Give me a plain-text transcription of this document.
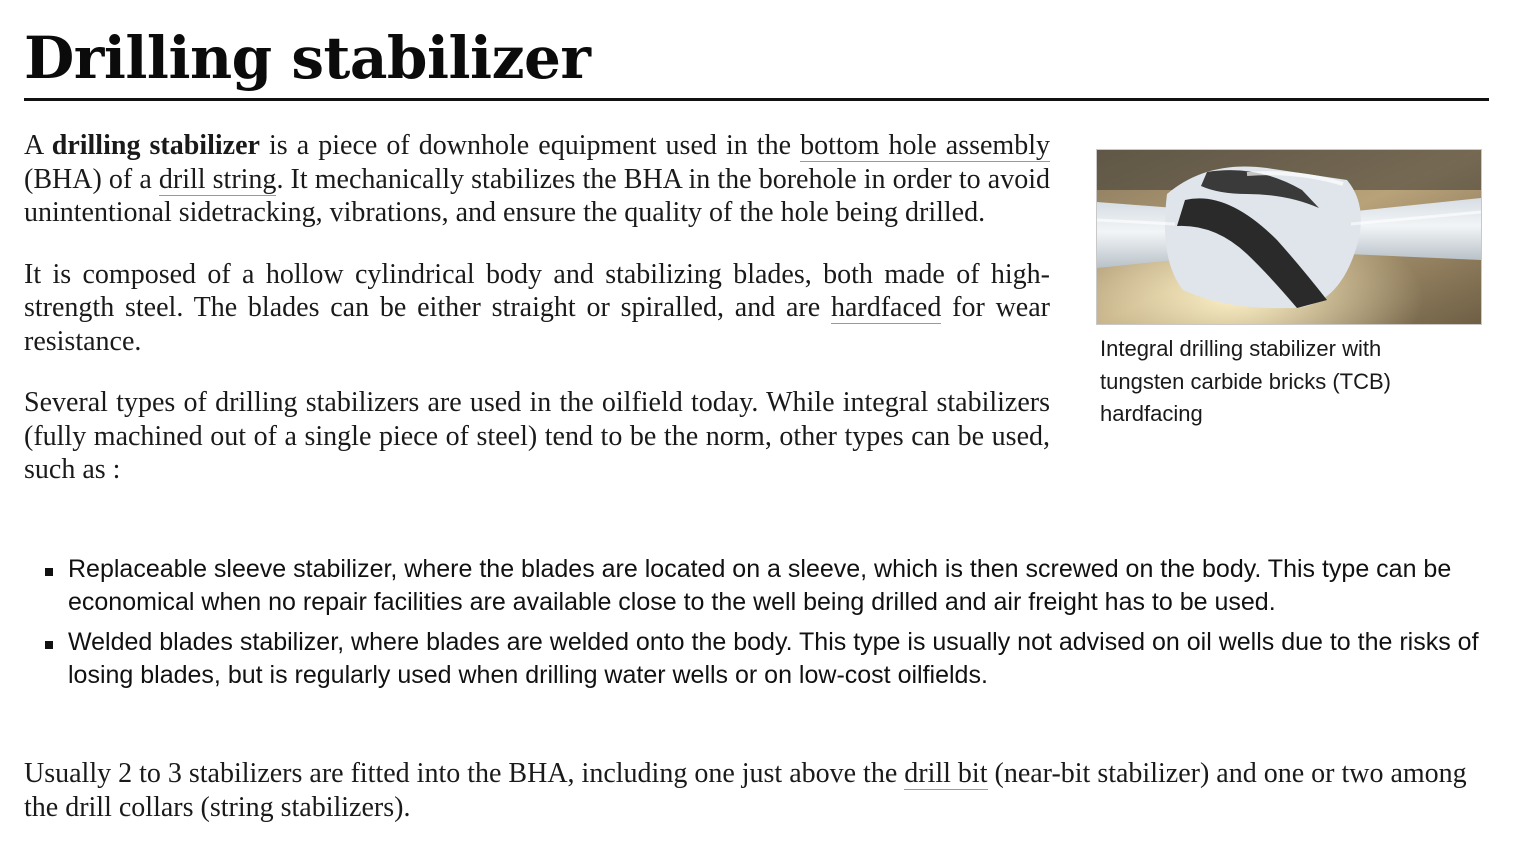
Drilling stabilizer

A drilling stabilizer is a piece of downhole equipment used in the bottom hole assembly (BHA) of a drill string. It mechanically stabilizes the BHA in the borehole in order to avoid unintentional sidetracking, vibrations, and ensure the quality of the hole being drilled.

It is composed of a hollow cylindrical body and stabilizing blades, both made of high-strength steel. The blades can be either straight or spiralled, and are hardfaced for wear resistance.

Several types of drilling stabilizers are used in the oilfield today. While integral stabilizers (fully machined out of a single piece of steel) tend to be the norm, other types can be used, such as :

Integral drilling stabilizer with tungsten carbide bricks (TCB) hardfacing
Replaceable sleeve stabilizer, where the blades are located on a sleeve, which is then screwed on the body. This type can be economical when no repair facilities are available close to the well being drilled and air freight has to be used.
Welded blades stabilizer, where blades are welded onto the body. This type is usually not advised on oil wells due to the risks of losing blades, but is regularly used when drilling water wells or on low-cost oilfields.

Usually 2 to 3 stabilizers are fitted into the BHA, including one just above the drill bit (near-bit stabilizer) and one or two among the drill collars (string stabilizers).
